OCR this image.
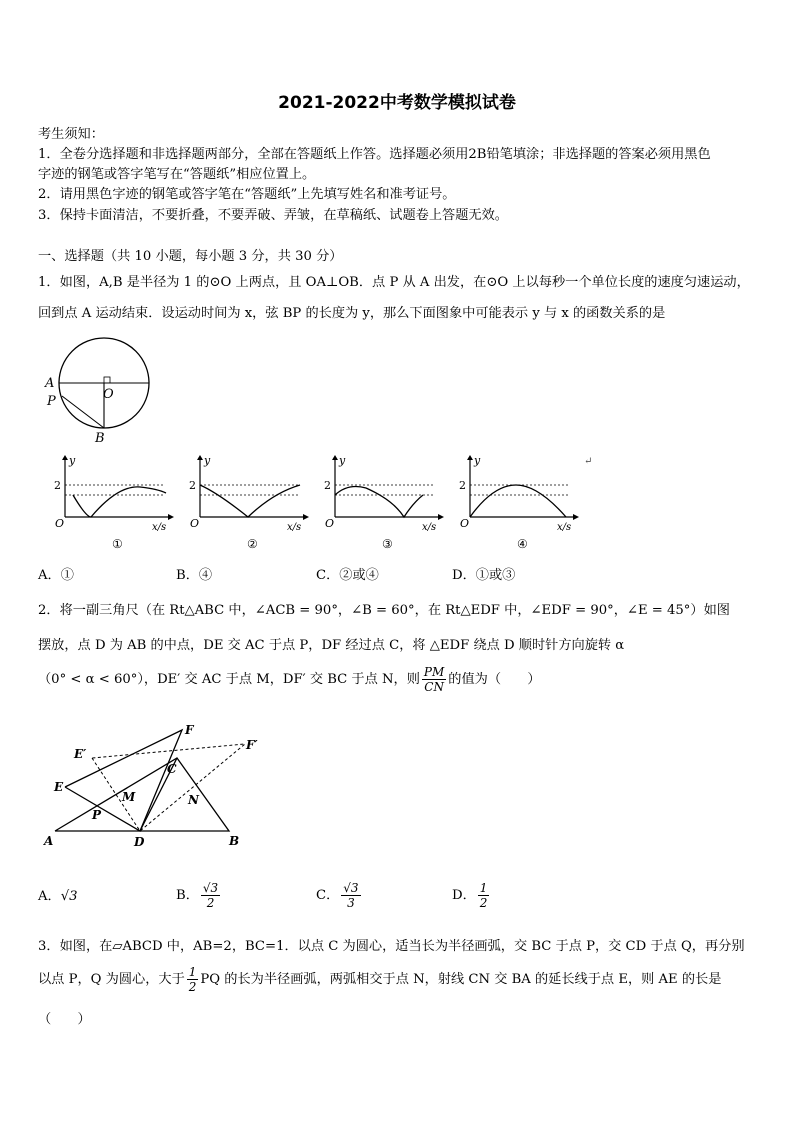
2021-2022中考数学模拟试卷
考生须知：
1．全卷分选择题和非选择题两部分，全部在答题纸上作答。选择题必须用2B铅笔填涂；非选择题的答案必须用黑色
字迹的钢笔或答字笔写在“答题纸”相应位置上。
2．请用黑色字迹的钢笔或答字笔在“答题纸”上先填写姓名和准考证号。
3．保持卡面清洁，不要折叠，不要弄破、弄皱，在草稿纸、试题卷上答题无效。
一、选择题（共 10 小题，每小题 3 分，共 30 分）
1．如图，A,B 是半径为 1 的⊙O 上两点，且 OA⊥OB．点 P 从 A 出发，在⊙O 上以每秒一个单位长度的速度匀速运动，
回到点 A 运动结束．设运动时间为 x，弦 BP 的长度为 y，那么下面图象中可能表示 y 与 x 的函数关系的是
A
P	O
B
y
2
O	x/s
①
y
2
O	x/s
②
y
2
O	x/s
③
y
2
O	x/s
④
↵
A．①	B．④	C．②或④	D．①或③
2．将一副三角尺（在 Rt△ABC 中，∠ACB = 90°，∠B = 60°，在 Rt△EDF 中，∠EDF = 90°，∠E = 45°）如图
摆放，点 D 为 AB 的中点，DE 交 AC 于点 P，DF 经过点 C，将 △EDF 绕点 D 顺时针方向旋转 α
（0° < α < 60°），DE′ 交 AC 于点 M，DF′ 交 BC 于点 N，则 $\frac{PM}{CN}$ 的值为（　　）
F
E′
F′
C
E
M	N
P
A	D	B
A．√3	B． $\frac{√3}{2}$	C． $\frac{√3}{3}$	D． $\frac{1}{2}$
3．如图，在▱ABCD 中，AB=2，BC=1．以点 C 为圆心，适当长为半径画弧，交 BC 于点 P，交 CD 于点 Q，再分别
以点 P，Q 为圆心，大于 $\frac{1}{2}$ PQ 的长为半径画弧，两弧相交于点 N，射线 CN 交 BA 的延长线于点 E，则 AE 的长是
（　　）
